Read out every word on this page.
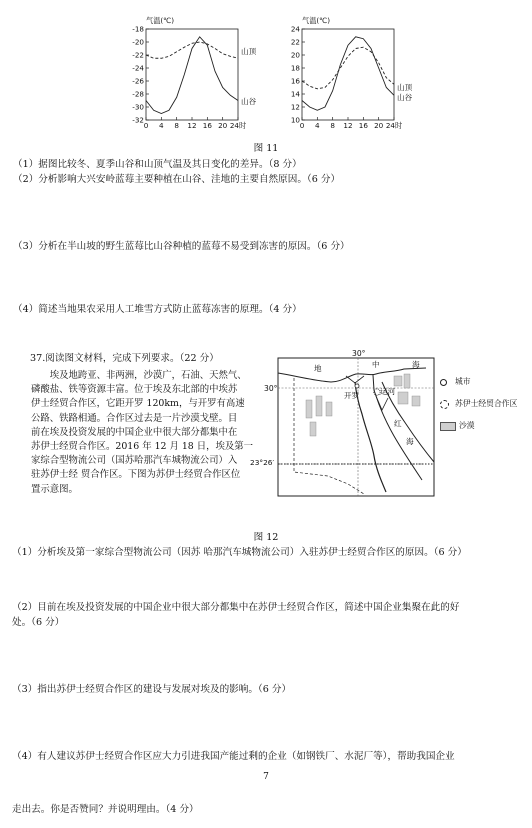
气温(℃)
-18
-20
-22
-24
-26
-28
-30
-32
0 4 8 12 16 20 24时
山顶
山谷
气温(℃)
24
22
20
18
16
14
12
10
0 4 8 12 16 20 24时
山顶
山谷
图 11
（1）据图比较冬、夏季山谷和山顶气温及其日变化的差异。（8 分）
（2）分析影响大兴安岭蓝莓主要种植在山谷、洼地的主要自然原因。（6 分）
（3）分析在半山坡的野生蓝莓比山谷种植的蓝莓不易受到冻害的原因。（6 分）
（4）简述当地果农采用人工堆雪方式防止蓝莓冻害的原理。（4 分）
37.阅读图文材料，完成下列要求。（22 分）
埃及地跨亚、非两洲，沙漠广，石油、天然气、
磷酸盐、铁等资源丰富。位于埃及东北部的中埃苏
伊士经贸合作区，它距开罗 120km，与开罗有高速
公路、铁路相通。合作区过去是一片沙漠戈壁。目
前在埃及投资发展的中国企业中很大部分都集中在
苏伊士经贸合作区。2016 年 12 月 18 日，埃及第一
家综合型物流公司（国苏哈那汽车城物流公司）入
驻苏伊士经 贸合作区。下图为苏伊士经贸合作区位
置示意图。
30°
30°
中	海
地
运河
开罗
红
海
23°26′
城市
苏伊士经贸合作区
沙漠
图 12
（1）分析埃及第一家综合型物流公司（因苏 哈那汽车城物流公司）入驻苏伊士经贸合作区的原因。（6 分）
（2）目前在埃及投资发展的中国企业中很大部分都集中在苏伊士经贸合作区，简述中国企业集聚在此的好
处。（6 分）
（3）指出苏伊士经贸合作区的建设与发展对埃及的影响。（6 分）
（4）有人建议苏伊士经贸合作区应大力引进我国产能过剩的企业（如钢铁厂、水泥厂等），帮助我国企业
7
走出去。你是否赞同？并说明理由。（4 分）
